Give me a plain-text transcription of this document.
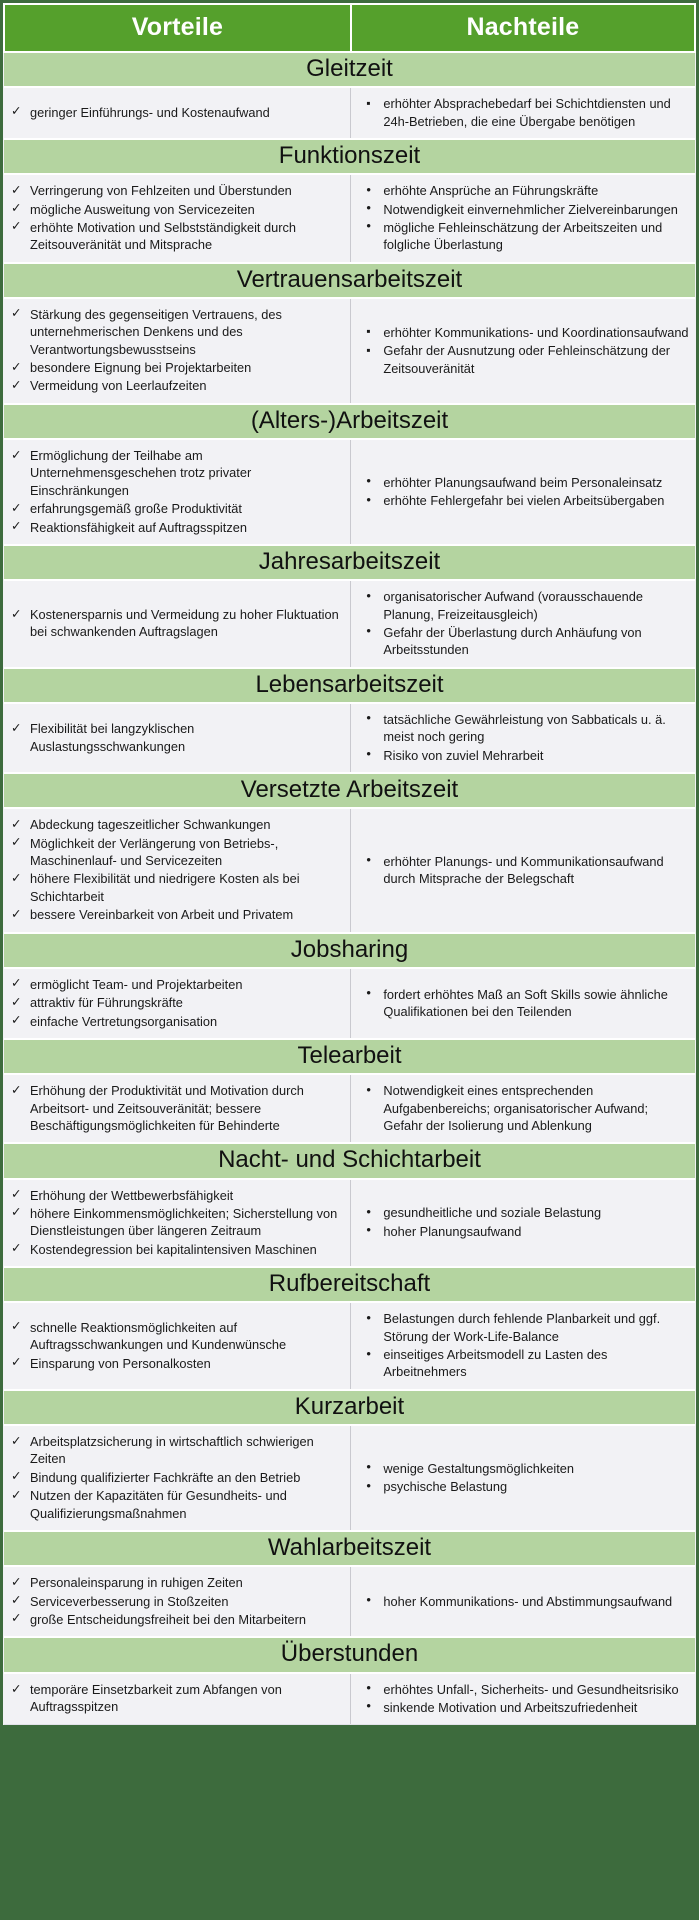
Vorteile	Nachteile
Gleitzeit	

✓ geringer Einführungs- und Kostenaufwand

▪ erhöhter Absprachebedarf bei Schichtdiensten und 24h-Betrieben, die eine Übergabe benötigen

Funktionszeit	

✓ Verringerung von Fehlzeiten und Überstunden
✓ mögliche Ausweitung von Servicezeiten
✓ erhöhte Motivation und Selbstständigkeit durch Zeitsouveränität und Mitsprache

• erhöhte Ansprüche an Führungskräfte
• Notwendigkeit einvernehmlicher Zielvereinbarungen
• mögliche Fehleinschätzung der Arbeitszeiten und folgliche Überlastung

Vertrauensarbeitszeit	

✓ Stärkung des gegenseitigen Vertrauens, des unternehmerischen Denkens und des Verantwortungsbewusstseins
✓ besondere Eignung bei Projektarbeiten
✓ Vermeidung von Leerlaufzeiten

▪ erhöhter Kommunikations- und Koordinationsaufwand
▪ Gefahr der Ausnutzung oder Fehleinschätzung der Zeitsouveränität

(Alters-)Arbeitszeit	

✓ Ermöglichung der Teilhabe am Unternehmensgeschehen trotz privater Einschränkungen
✓ erfahrungsgemäß große Produktivität
✓ Reaktionsfähigkeit auf Auftragsspitzen

• erhöhter Planungsaufwand beim Personaleinsatz
• erhöhte Fehlergefahr bei vielen Arbeitsübergaben

Jahresarbeitszeit	

✓ Kostenersparnis und Vermeidung zu hoher Fluktuation bei schwankenden Auftragslagen

• organisatorischer Aufwand (vorausschauende Planung, Freizeitausgleich)
• Gefahr der Überlastung durch Anhäufung von Arbeitsstunden

Lebensarbeitszeit	

✓ Flexibilität bei langzyklischen Auslastungsschwankungen

• tatsächliche Gewährleistung von Sabbaticals u. ä. meist noch gering
• Risiko von zuviel Mehrarbeit

Versetzte Arbeitszeit	

✓ Abdeckung tageszeitlicher Schwankungen
✓ Möglichkeit der Verlängerung von Betriebs-, Maschinenlauf- und Servicezeiten
✓ höhere Flexibilität und niedrigere Kosten als bei Schichtarbeit
✓ bessere Vereinbarkeit von Arbeit und Privatem

• erhöhter Planungs- und Kommunikationsaufwand durch Mitsprache der Belegschaft

Jobsharing	

✓ ermöglicht Team- und Projektarbeiten
✓ attraktiv für Führungskräfte
✓ einfache Vertretungsorganisation

• fordert erhöhtes Maß an Soft Skills sowie ähnliche Qualifikationen bei den Teilenden

Telearbeit	

✓ Erhöhung der Produktivität und Motivation durch Arbeitsort- und Zeitsouveränität; bessere Beschäftigungsmöglichkeiten für Behinderte

• Notwendigkeit eines entsprechenden Aufgabenbereichs; organisatorischer Aufwand; Gefahr der Isolierung und Ablenkung

Nacht- und Schichtarbeit	

✓ Erhöhung der Wettbewerbsfähigkeit
✓ höhere Einkommensmöglichkeiten; Sicherstellung von Dienstleistungen über längeren Zeitraum
✓ Kostendegression bei kapitalintensiven Maschinen

• gesundheitliche und soziale Belastung
• hoher Planungsaufwand

Rufbereitschaft	

✓ schnelle Reaktionsmöglichkeiten auf Auftragsschwankungen und Kundenwünsche
✓ Einsparung von Personalkosten

• Belastungen durch fehlende Planbarkeit und ggf. Störung der Work-Life-Balance
• einseitiges Arbeitsmodell zu Lasten des Arbeitnehmers

Kurzarbeit	

✓ Arbeitsplatzsicherung in wirtschaftlich schwierigen Zeiten
✓ Bindung qualifizierter Fachkräfte an den Betrieb
✓ Nutzen der Kapazitäten für Gesundheits- und Qualifizierungsmaßnahmen

• wenige Gestaltungsmöglichkeiten
• psychische Belastung

Wahlarbeitszeit	

✓ Personaleinsparung in ruhigen Zeiten
✓ Serviceverbesserung in Stoßzeiten
✓ große Entscheidungsfreiheit bei den Mitarbeitern

• hoher Kommunikations- und Abstimmungsaufwand

Überstunden	

✓ temporäre Einsetzbarkeit zum Abfangen von Auftragsspitzen

• erhöhtes Unfall-, Sicherheits- und Gesundheitsrisiko
• sinkende Motivation und Arbeitszufriedenheit
